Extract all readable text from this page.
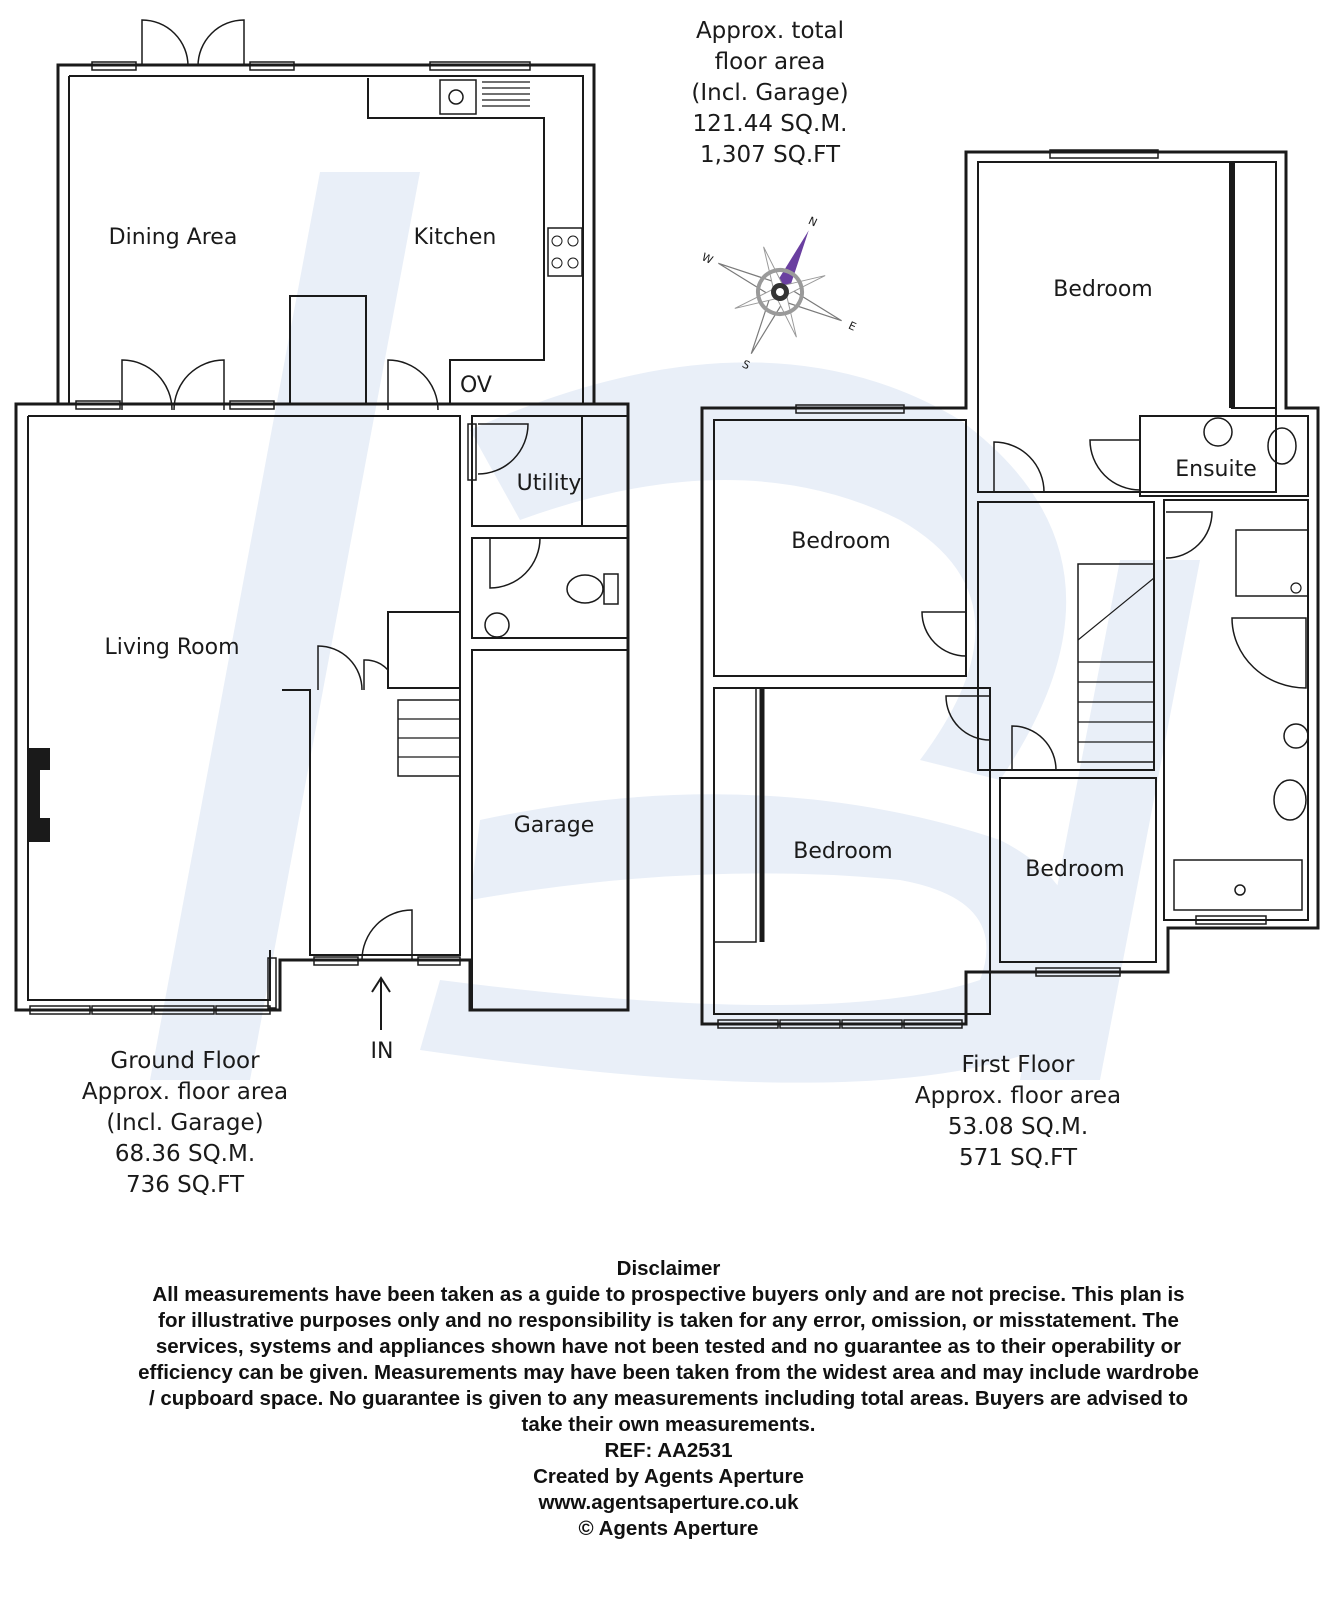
N
S
W
E
Approx. total
floor area
(Incl. Garage)
121.44 SQ.M.
1,307 SQ.FT
Dining Area	Kitchen
OV
Living Room
Utility
Garage
IN
Ground Floor
Approx. floor area
(Incl. Garage)
68.36 SQ.M.
736 SQ.FT
Bedroom
Ensuite
Bedroom
Bedroom
Bedroom
First Floor
Approx. floor area
53.08 SQ.M.
571 SQ.FT
Disclaimer
All measurements have been taken as a guide to prospective buyers only and are not precise. This plan is
for illustrative purposes only and no responsibility is taken for any error, omission, or misstatement. The
services, systems and appliances shown have not been tested and no guarantee as to their operability or
efficiency can be given. Measurements may have been taken from the widest area and may include wardrobe
/ cupboard space. No guarantee is given to any measurements including total areas. Buyers are advised to
take their own measurements.
REF: AA2531
Created by Agents Aperture
www.agentsaperture.co.uk
© Agents Aperture
